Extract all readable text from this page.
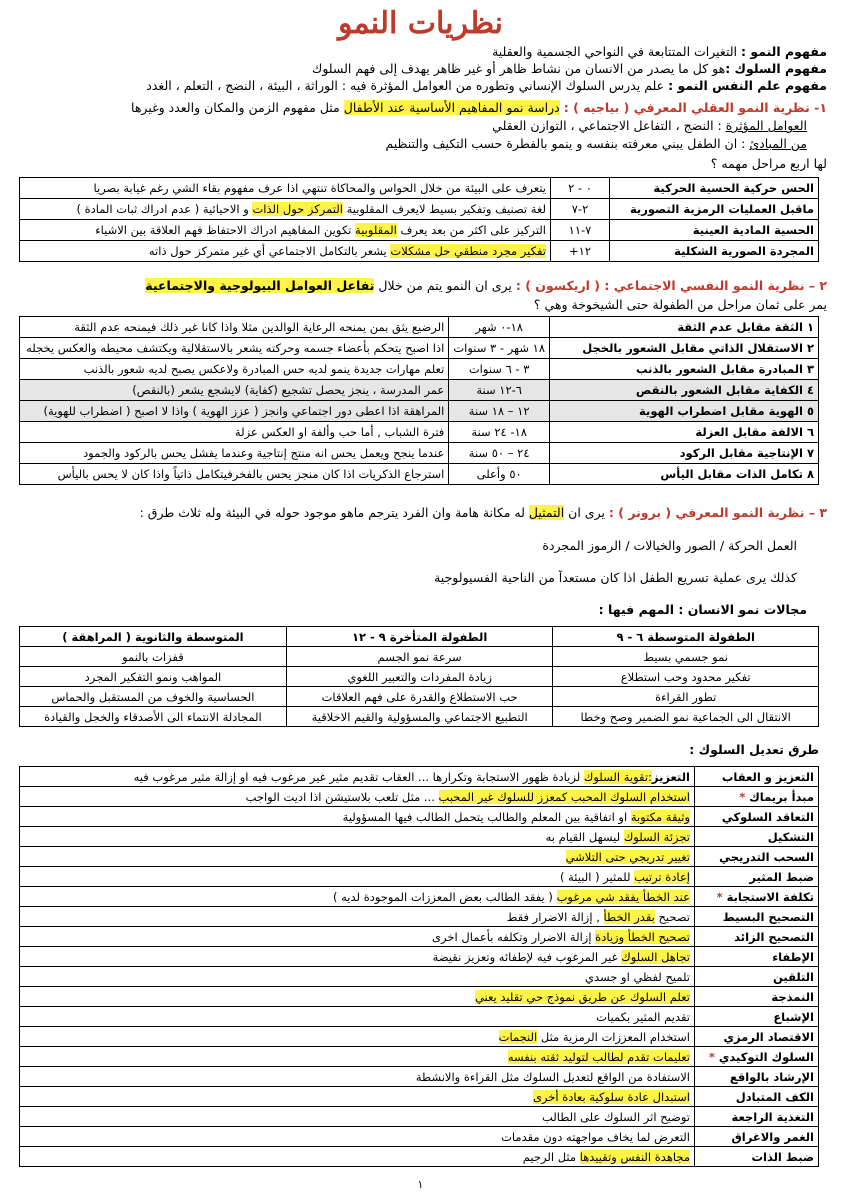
نظريات النمو
مفهوم النمو : التغيرات المتتابعة في النواحي الجسمية والعقلية
مفهوم السلوك :هو كل ما يصدر من الانسان من نشاط ظاهر أو غير ظاهر يهدف إلى فهم السلوك
مفهوم علم النفس النمو : علم يدرس السلوك الإنساني وتطوره من العوامل المؤثرة فيه : الوراثة ، البيئة ، النضج ، التعلم ، الغدد
١- نظرية النمو العقلي المعرفي ( بياجيه ) : دراسة نمو المفاهيم الأساسية عند الأطفال مثل مفهوم الزمن والمكان والعدد وغيرها
العوامل المؤثرة : النضج ، التفاعل الاجتماعي ، التوازن العقلي
من المبادئ : ان الطفل يبني معرفته بنفسه و ينمو بالفطرة حسب التكيف والتنظيم
لها اربع مراحل مهمه ؟
الحس حركية الحسية الحركية	٠ - ٢	يتعرف على البيئة من خلال الحواس والمحاكاة تنتهي اذا عرف مفهوم بقاء الشي رغم غيابة بصريا
ماقبل العمليات الرمزية التصورية	٢-٧	لغة تصنيف وتفكير بسيط لايعرف المقلوبية التمركز حول الذات و الاحيائية ( عدم ادراك ثبات المادة )
الحسية المادية العينية	٧-١١	التركيز على اكثر من بعد يعرف المقلوبية تكوين المفاهيم ادراك الاحتفاظ فهم العلاقة بين الاشياء
المجردة الصورية الشكلية	١٢+	تفكير مجرد منطقي حل مشكلات يشعر بالتكامل الاجتماعي أي غير متمركز حول ذاته
٢ – نظرية النمو النفسي الاجتماعي : ( اريكسون ) : يرى ان النمو يتم من خلال تفاعل العوامل البيولوجية والاجتماعية
يمر على ثمان مراحل من الطفولة حتى الشيخوخة وهي ؟
١ الثقة مقابل عدم الثقة	١٨-٠ شهر	الرضيع يثق بمن يمنحه الرعاية الوالدين مثلا واذا كانا غير ذلك فيمنحه عدم الثقة
٢ الاستقلال الذاتي مقابل الشعور بالخجل	١٨ شهر - ٣ سنوات	اذا اصبح يتحكم بأعضاء جسمه وحركته يشعر بالاستقلالية ويكتشف محيطه والعكس يخجله
٣ المبادرة مقابل الشعور بالذنب	٣ - ٦ سنوات	تعلم مهارات جديدة ينمو لديه حس المبادرة ولاعكس يصبح لديه شعور بالذنب
٤ الكفاية مقابل الشعور بالنقص	٦-١٢ سنة	عمر المدرسة ، ينجز يحصل تشجيع (كفاية) لايشجع يشعر (بالنقص)
٥ الهوية مقابل اضطراب الهوية	١٢ – ١٨ سنة	المراهقة اذا اعطى دور اجتماعي وانجز ( عزز الهوية ) واذا لا اصبح ( اضطراب للهوية)
٦ الالفة مقابل العزلة	١٨- ٢٤ سنة	فترة الشباب , أما حب وألفة او العكس عزلة
٧ الإنتاجية مقابل الركود	٢٤ – ٥٠ سنة	عندما ينجح ويعمل يحس انه منتج إنتاجية وعندما يفشل يحس بالركود والجمود
٨ تكامل الذات مقابل اليأس	٥٠ وأعلى	استرجاع الذكريات اذا كان منجز يحس بالفخرفيتكامل ذاتياً واذا كان لا يحس باليأس
٣ – نظرية النمو المعرفي ( برونر ) : يرى ان التمثيل له مكانة هامة وان الفرد يترجم ماهو موجود حوله في البيئة وله ثلاث طرق :
العمل الحركة / الصور والخيالات / الرموز المجردة
كذلك يرى عملية تسريع الطفل اذا كان مستعداً من الناحية الفسيولوجية
مجالات نمو الانسان : المهم فيها :
الطفولة المتوسطة ٦ - ٩	الطفولة المتأخرة ٩ - ١٢	المتوسطة والثانوية ( المراهقة )
نمو جسمي بسيط	سرعة نمو الجسم	قفزات بالنمو
تفكير محدود وحب استطلاع	زيادة المفردات والتعبير اللغوي	المواهب ونمو التفكير المجرد
تطور القراءة	حب الاستطلاع والقدرة على فهم العلاقات	الحساسية والخوف من المستقبل والحماس
الانتقال الى الجماعية نمو الضمير وصح وخطا	التطبيع الاجتماعي والمسؤولية والقيم الاخلاقية	المجادلة الانتماء الى الأصدقاء والخجل والقيادة
طرق تعديل السلوك :
التعزيز و العقاب	التعزيز:تقوية السلوك لزيادة ظهور الاستجابة وتكرارها ... العقاب تقديم مثير غير مرغوب فيه او إزالة مثير مرغوب فيه
مبدأ بريماك *	استخدام السلوك المحبب كمعزز للسلوك غير المحبب ... مثل تلعب بلاستيشن اذا اديت الواجب
التعاقد السلوكي	وثيقة مكتوبة او اتفاقية بين المعلم والطالب يتحمل الطالب فيها المسؤولية
التشكيل	تجزئة السلوك ليسهل القيام به
السحب التدريجي	تغيير تدريجي حتى التلاشي
ضبط المثير	إعادة ترتيب للمثير ( البيئة )
تكلفة الاستجابة *	عند الخطأ يفقد شي مرغوب ( يفقد الطالب بعض المعززات الموجودة لديه )
التصحيح البسيط	تصحيح بقدر الخطأ , إزالة الاضرار فقط
التصحيح الزائد	تصحيح الخطأ وزيادة إزالة الاضرار وتكلفه بأعمال اخرى
الإطفاء	تجاهل السلوك غير المرغوب فيه لإطفائه وتعزيز نقيضة
التلقين	تلميح لفظي او جسدي
النمذجة	تعلم السلوك عن طريق نموذج حي تقليد يعني
الإشباع	تقديم المثير بكميات
الاقتصاد الرمزي	استخدام المعززات الرمزية مثل النجمات
السلوك التوكيدي *	تعليمات تقدم لطالب لتوليد ثقته بنفسه
الإرشاد بالواقع	الاستفادة من الواقع لتعديل السلوك مثل القراءة والانشطة
الكف المتبادل	استبدال عادة سلوكية بعادة أخرى
التغذية الراجعة	توضيح اثر السلوك على الطالب
الغمر والاغراق	التعرض لما يخاف مواجهته دون مقدمات
ضبط الذات	مجاهدة النفس وتقييدها مثل الرجيم
١
